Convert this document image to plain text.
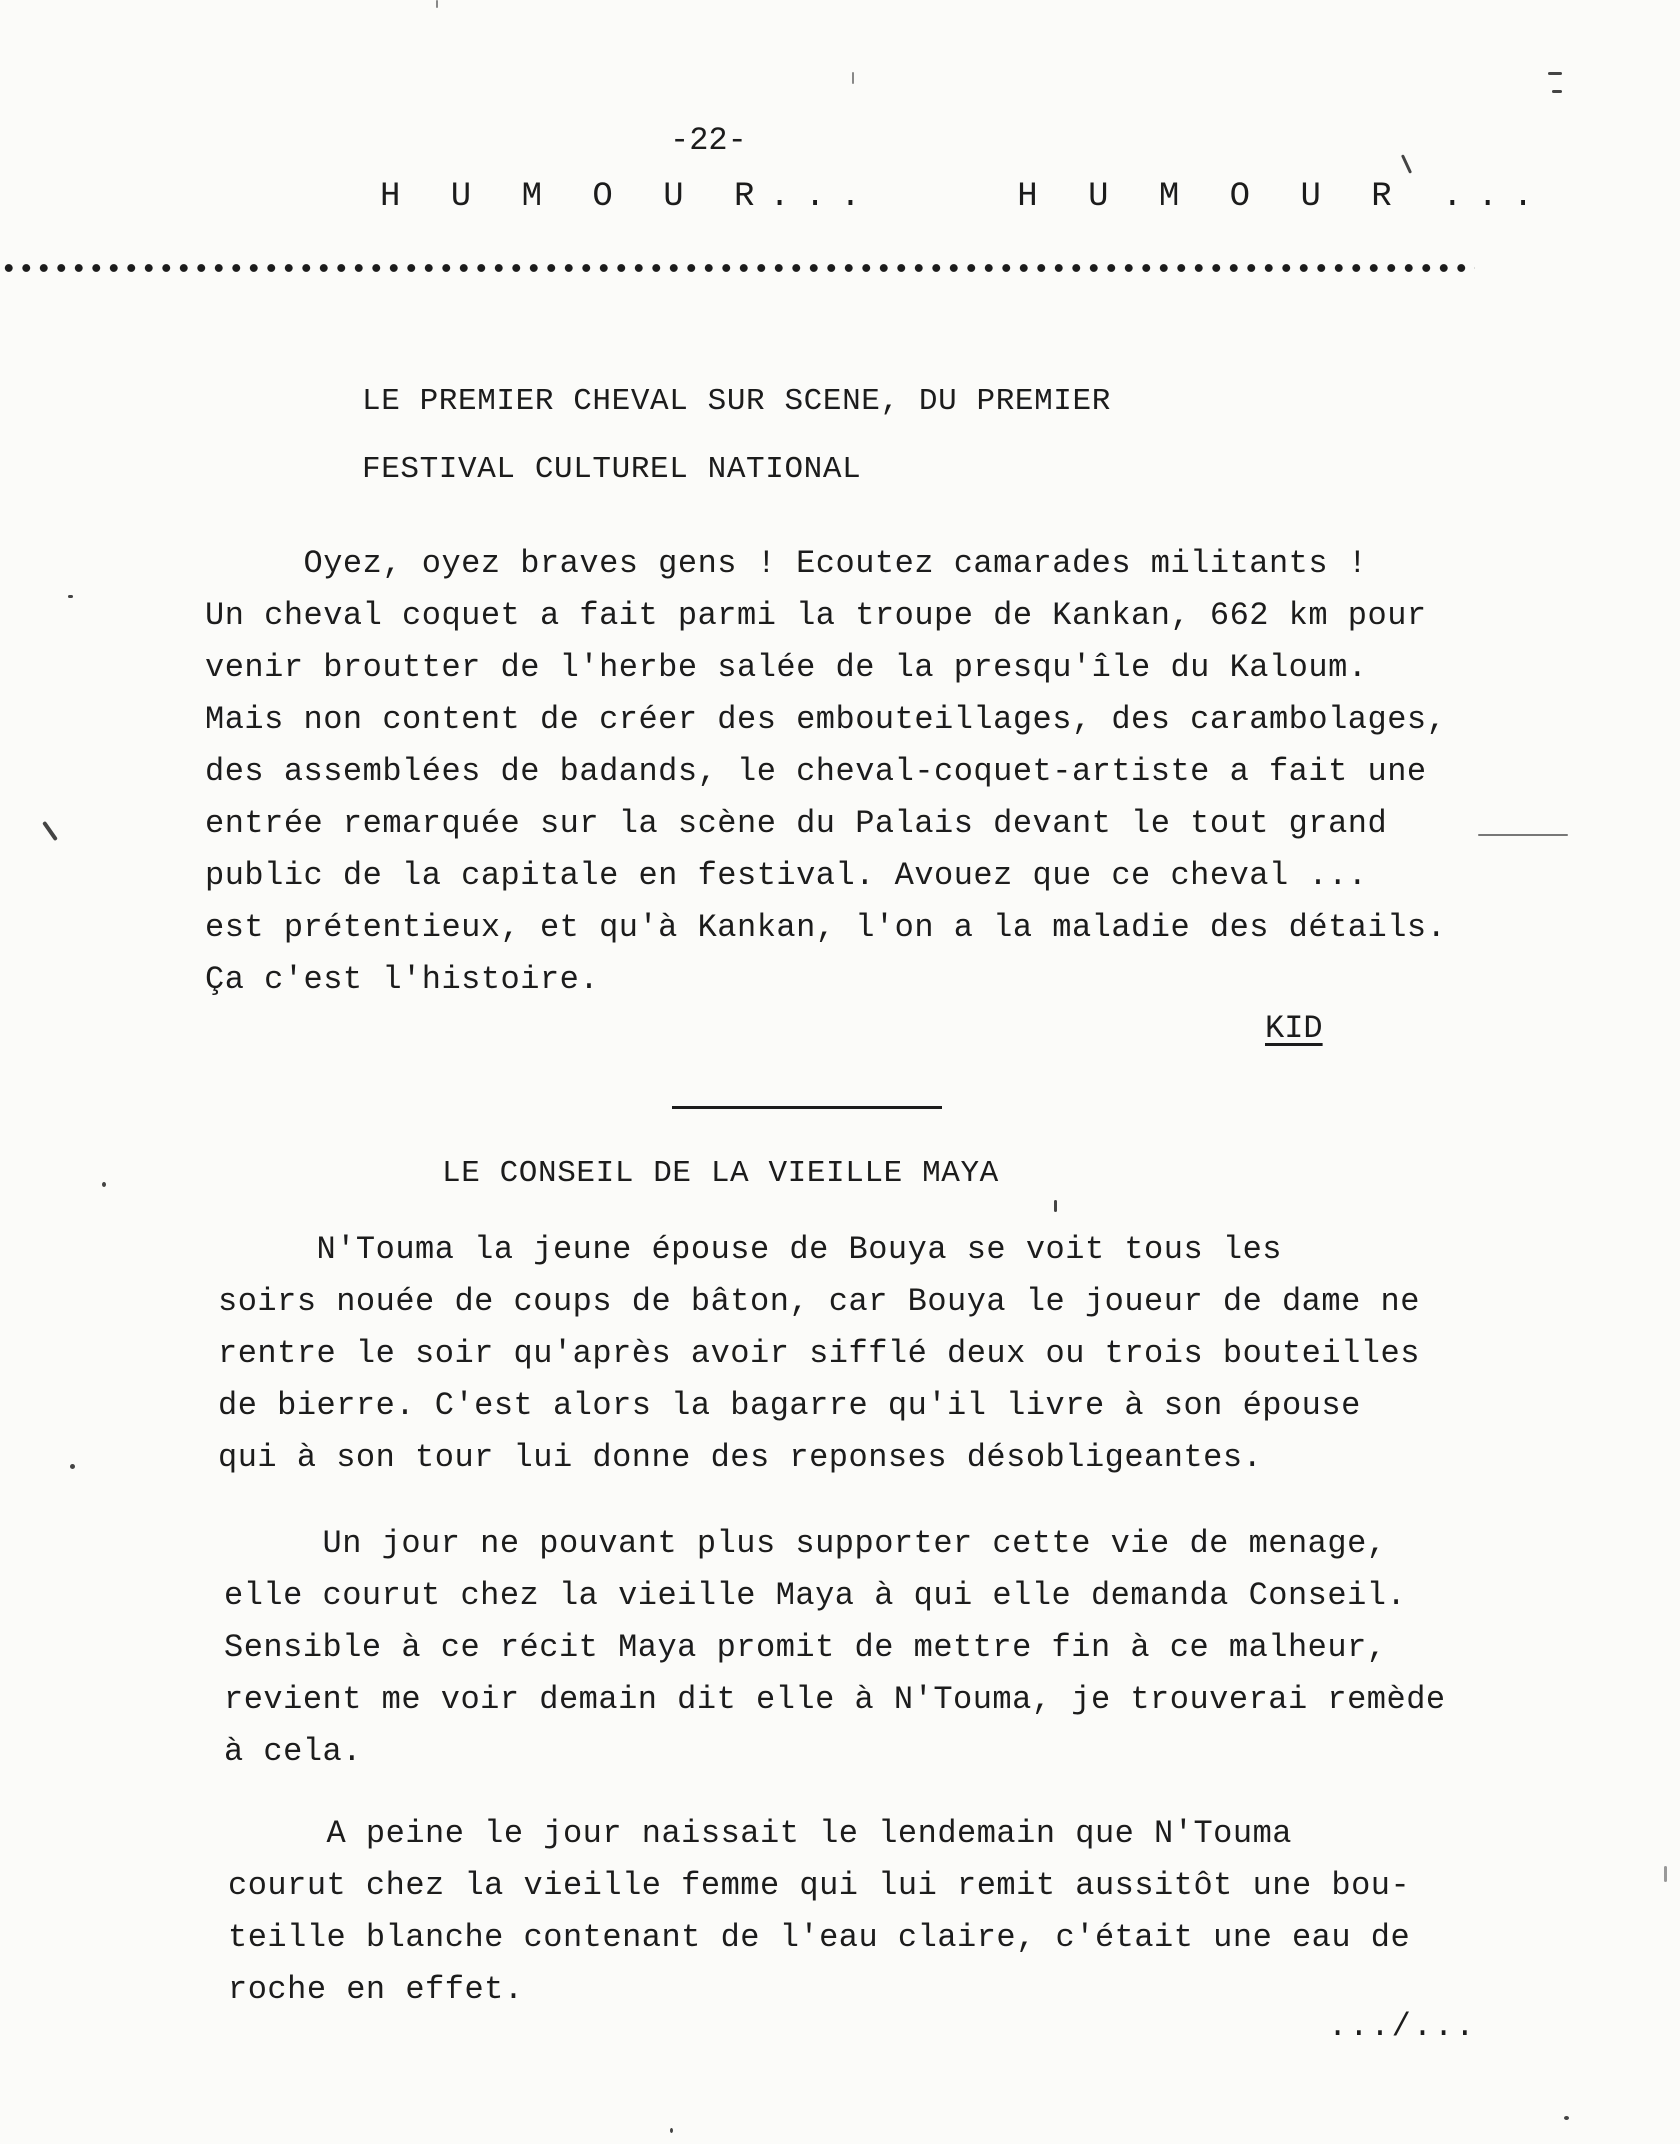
-22-
H U M O U R...    H U M O U R ...
LE PREMIER CHEVAL SUR SCENE, DU PREMIER
FESTIVAL CULTUREL NATIONAL

Oyez, oyez braves gens ! Ecoutez camarades militants !

Un cheval coquet a fait parmi la troupe de Kankan, 662 km pour

venir broutter de l'herbe salée de la presqu'île du Kaloum.

Mais non content de créer des embouteillages, des carambolages,

des assemblées de badands, le cheval-coquet-artiste a fait une

entrée remarquée sur la scène du Palais devant le tout grand

public de la capitale en festival. Avouez que ce cheval ...

est prétentieux, et qu'à Kankan, l'on a la maladie des détails.

Ça c'est l'histoire.

KID
LE CONSEIL DE LA VIEILLE MAYA

N'Touma la jeune épouse de Bouya se voit tous les

soirs nouée de coups de bâton, car Bouya le joueur de dame ne

rentre le soir qu'après avoir sifflé deux ou trois bouteilles

de bierre. C'est alors la bagarre qu'il livre à son épouse

qui à son tour lui donne des reponses désobligeantes.

Un jour ne pouvant plus supporter cette vie de menage,

elle courut chez la vieille Maya à qui elle demanda Conseil.

Sensible à ce récit Maya promit de mettre fin à ce malheur,

revient me voir demain dit elle à N'Touma, je trouverai remède

à cela.

A peine le jour naissait le lendemain que N'Touma

courut chez la vieille femme qui lui remit aussitôt une bou-

teille blanche contenant de l'eau claire, c'était une eau de

roche en effet.

.../...
